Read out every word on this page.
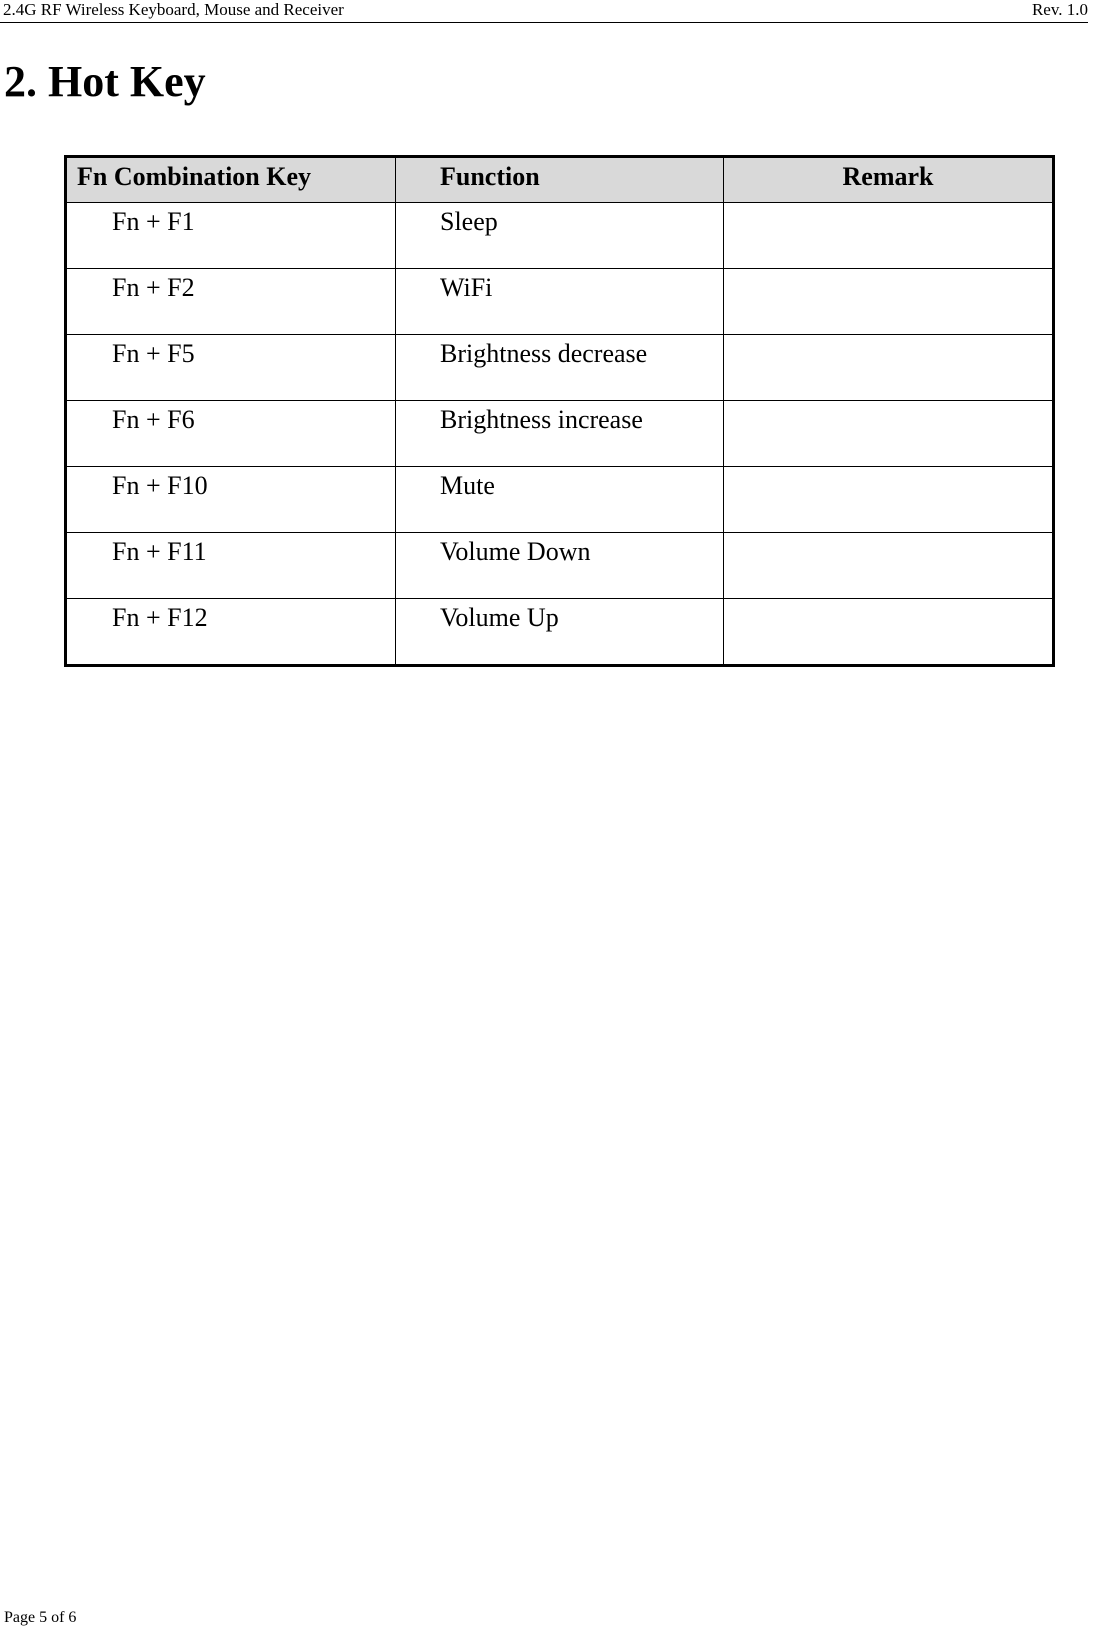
2.4G RF Wireless Keyboard, Mouse and Receiver	Rev. 1.0
2. Hot Key
Fn Combination Key	Function	Remark
Fn + F1	Sleep	
Fn + F2	WiFi	
Fn + F5	Brightness decrease	
Fn + F6	Brightness increase	
Fn + F10	Mute	
Fn + F11	Volume Down	
Fn + F12	Volume Up	
Page 5 of 6
